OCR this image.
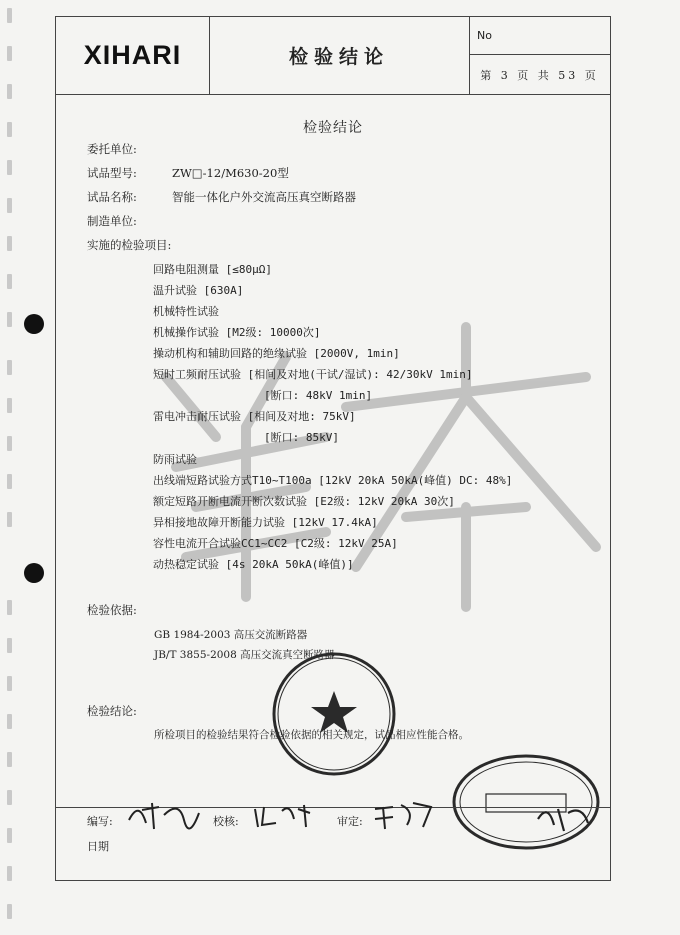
XIHARI	检验结论
No
第 3 页 共 53 页
检验结论
委托单位:
试品型号:	ZW□-12/M630-20型
试品名称:	智能一体化户外交流高压真空断路器
制造单位:
实施的检验项目:
回路电阻测量 [≤80μΩ]
温升试验 [630A]
机械特性试验
机械操作试验 [M2级: 10000次]
操动机构和辅助回路的绝缘试验 [2000V, 1min]
短时工频耐压试验 [相间及对地(干试/湿试): 42/30kV 1min]
[断口: 48kV 1min]
雷电冲击耐压试验 [相间及对地: 75kV]
[断口: 85kV]
防雨试验
出线端短路试验方式T10~T100a [12kV 20kA 50kA(峰值) DC: 48%]
额定短路开断电流开断次数试验 [E2级: 12kV 20kA 30次]
异相接地故障开断能力试验 [12kV 17.4kA]
容性电流开合试验CC1~CC2 [C2级: 12kV 25A]
动热稳定试验 [4s 20kA 50kA(峰值)]
检验依据:
GB 1984-2003 高压交流断路器
JB/T 3855-2008 高压交流真空断路器
检验结论:
所检项目的检验结果符合检验依据的相关规定，试品相应性能合格。
编写:	校核:	审定:
日期
